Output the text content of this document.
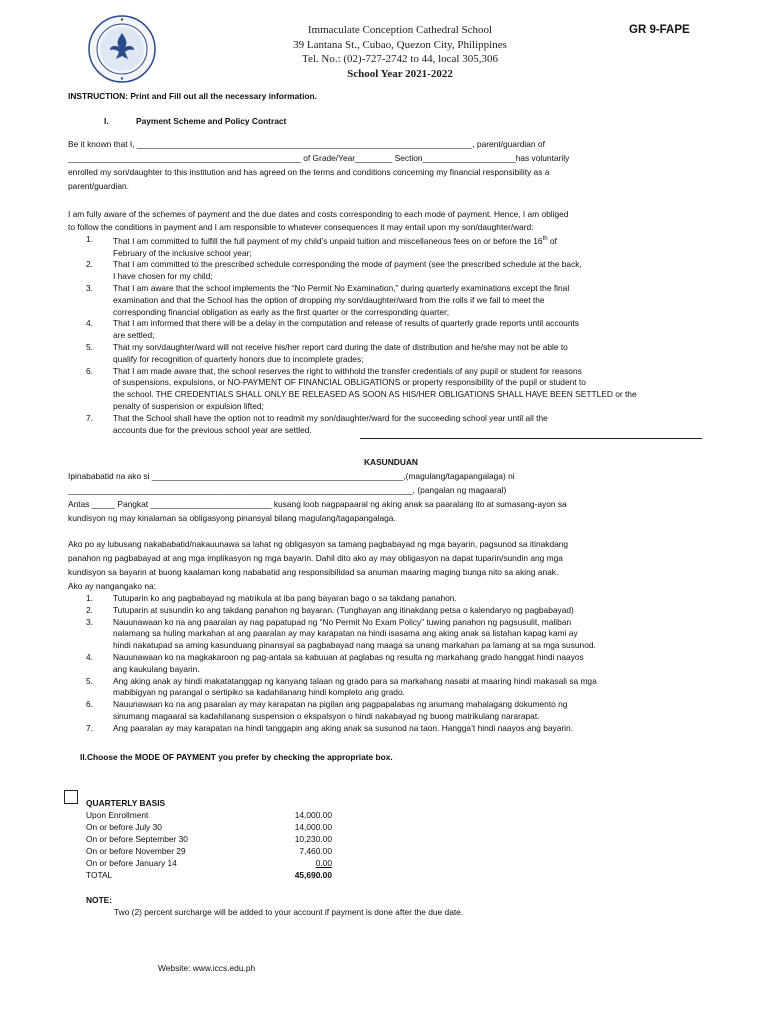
Immaculate Conception Cathedral School
39 Lantana St., Cubao, Quezon City, Philippines
Tel. No.: (02)-727-2742 to 44, local 305,306
School Year 2021-2022
GR 9-FAPE
INSTRUCTION: Print and Fill out all the necessary information.
I.	Payment Scheme and Policy Contract
Be it known that I, ________________________________________________________________________, parent/guardian of
__________________________________________________ of Grade/Year________ Section____________________has voluntarily
enrolled my son/daughter to this institution and has agreed on the terms and conditions concerning my financial responsibility as a
parent/guardian.
I am fully aware of the schemes of payment and the due dates and costs corresponding to each mode of payment. Hence, I am obliged
to follow the conditions in payment and I am responsible to whatever consequences it may entail upon my son/daughter/ward:
1. That I am committed to fulfill the full payment of my child’s unpaid tuition and miscellaneous fees on or before the 16th of
February of the inclusive school year;
2. That I am committed to the prescribed schedule corresponding the mode of payment (see the prescribed schedule at the back,
I have chosen for my child;
3. That I am aware that the school implements the “No Permit No Examination,” during quarterly examinations except the final
examination and that the School has the option of dropping my son/daughter/ward from the rolls if we fail to meet the
corresponding financial obligation as early as the first quarter or the corresponding quarter;
4. That I am informed that there will be a delay in the computation and release of results of quarterly grade reports until accounts
are settled;
5. That my son/daughter/ward will not receive his/her report card during the date of distribution and he/she may not be able to
qualify for recognition of quarterly honors due to incomplete grades;
6. That I am made aware that, the school reserves the right to withhold the transfer credentials of any pupil or student for reasons
of suspensions, expulsions, or NO-PAYMENT OF FINANCIAL OBLIGATIONS or property responsibility of the pupil or student to
the school. THE CREDENTIALS SHALL ONLY BE RELEASED AS SOON AS HIS/HER OBLIGATIONS SHALL HAVE BEEN SETTLED or the
penalty of suspension or expulsion lifted;
7. That the School shall have the option not to readmit my son/daughter/ward for the succeeding school year until all the
accounts due for the previous school year are settled.
KASUNDUAN
Ipinababatid na ako si ______________________________________________________,(magulang/tagapangalaga) ni
__________________________________________________________________________, (pangalan ng magaaral)
Antas _____ Pangkat __________________________ kusang loob nagpapaaral ng aking anak sa paaralang ito at sumasang-ayon sa
kundisyon ng may kinalaman sa obligasyong pinansyal bilang magulang/tagapangalaga.
Ako po ay lubusang nakababatid/nakauunawa sa lahat ng obligasyon sa tamang pagbabayad ng mga bayarin, pagsunod sa itinakdang
panahon ng pagbabayad at ang mga implikasyon ng mga bayarin. Dahil dito ako ay may obligasyon na dapat tuparin/sundin ang mga
kundisyon sa bayarin at buong kaalaman kong nababatid ang responsibilidad sa anuman maaring maging bunga nito sa aking anak.
Ako ay nangangako na:
1. Tutuparin ko ang pagbabayad ng matrikula at iba pang bayaran bago o sa takdang panahon.
2. Tutuparin at susundin ko ang takdang panahon ng bayaran. (Tunghayan ang itinakdang petsa o kalendaryo ng pagbabayad)
3. Nauunawaan ko na ang paaralan ay nag papatupad ng “No Permit No Exam Policy” tuwing panahon ng pagsusulit, maliban
nalamang sa huling markahan at ang paaralan ay may karapatan na hindi isasama ang aking anak sa listahan kapag kami ay
hindi nakatupad sa aming kasunduang pinansyal sa pagbabayad nang maaga sa unang markahan pa lamang at sa mga susunod.
4. Nauunawaan ko na magkakaroon ng pag-antala sa kabuuan at paglabas ng resulta ng markahang grado hanggat hindi naayos
ang kaukulang bayarin.
5. Ang aking anak ay hindi makatatanggap ng kanyang talaan ng grado para sa markahang nasabi at maaring hindi makasali sa mga
mabibigyan ng parangal o sertipiko sa kadahilanang hindi kompleto ang grado.
6. Nauunawaan ko na ang paaralan ay may karapatan na pigilan ang pagpapalabas ng anumang mahalagang dokumento ng
sinumang magaaral sa kadahilanang suspension o ekspalsyon o hindi nakabayad ng buong matrikulang nararapat.
7. Ang paaralan ay may karapatan na hindi tanggapin ang aking anak sa susunod na taon. Hangga’t hindi naayos ang bayarin.
II.Choose the MODE OF PAYMENT you prefer by checking the appropriate box.
QUARTERLY BASIS
Upon Enrollment	14,000.00
On or before July 30	14,000.00
On or before September 30	10,230.00
On or before November 29	7,460.00
On or before January 14	0.00
TOTAL	45,690.00
NOTE:
Two (2) percent surcharge will be added to your account if payment is done after the due date.
Website: www.iccs.edu.ph
